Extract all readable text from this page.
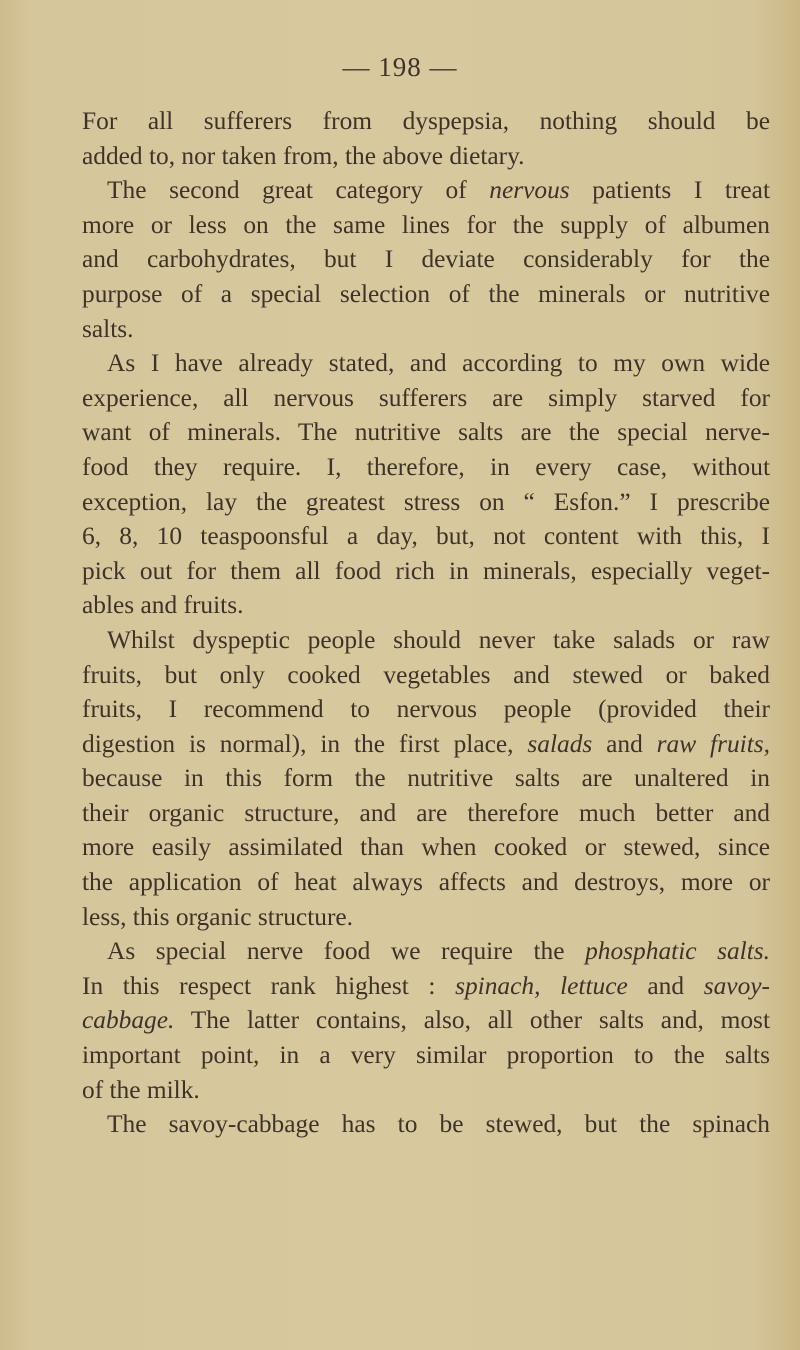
— 198 —
For all sufferers from dyspepsia, nothing should be
added to, nor taken from, the above dietary.
The second great category of nervous patients I treat
more or less on the same lines for the supply of albumen
and carbohydrates, but I deviate considerably for the
purpose of a special selection of the minerals or nutritive
salts.
As I have already stated, and according to my own wide
experience, all nervous sufferers are simply starved for
want of minerals. The nutritive salts are the special nerve-
food they require. I, therefore, in every case, without
exception, lay the greatest stress on “ Esfon.” I prescribe
6, 8, 10 teaspoonsful a day, but, not content with this, I
pick out for them all food rich in minerals, especially veget-
ables and fruits.
Whilst dyspeptic people should never take salads or raw
fruits, but only cooked vegetables and stewed or baked
fruits, I recommend to nervous people (provided their
digestion is normal), in the first place, salads and raw fruits,
because in this form the nutritive salts are unaltered in
their organic structure, and are therefore much better and
more easily assimilated than when cooked or stewed, since
the application of heat always affects and destroys, more or
less, this organic structure.
As special nerve food we require the phosphatic salts.
In this respect rank highest : spinach, lettuce and savoy-
cabbage. The latter contains, also, all other salts and, most
important point, in a very similar proportion to the salts
of the milk.
The savoy-cabbage has to be stewed, but the spinach
